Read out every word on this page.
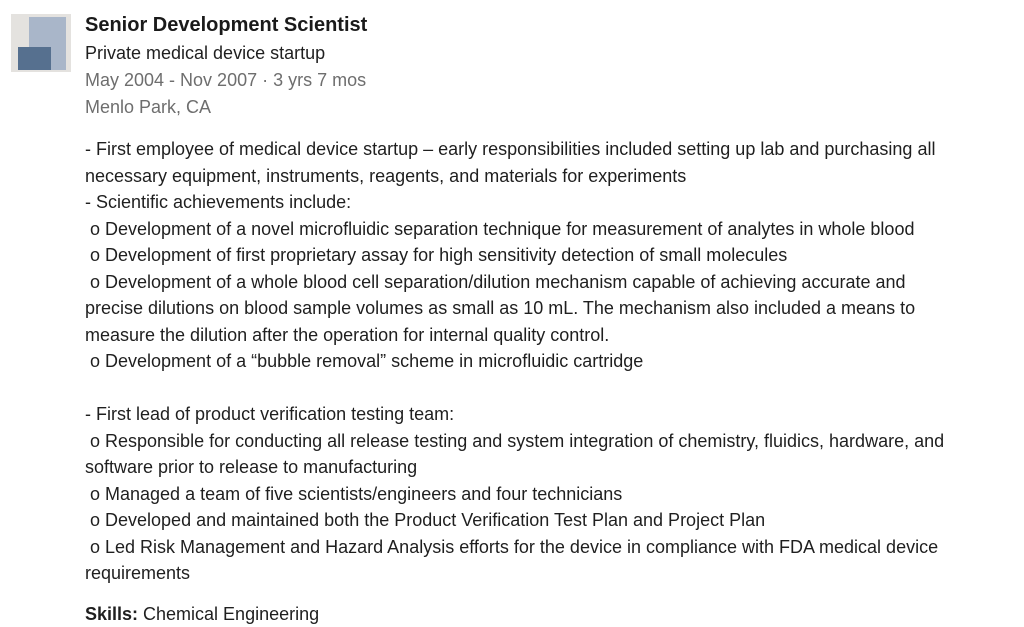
Senior Development Scientist
Private medical device startup
May 2004 - Nov 2007 · 3 yrs 7 mos
Menlo Park, CA
- First employee of medical device startup – early responsibilities included setting up lab and purchasing all
necessary equipment, instruments, reagents, and materials for experiments
- Scientific achievements include:
o Development of a novel microfluidic separation technique for measurement of analytes in whole blood
o Development of first proprietary assay for high sensitivity detection of small molecules
o Development of a whole blood cell separation/dilution mechanism capable of achieving accurate and
precise dilutions on blood sample volumes as small as 10 mL. The mechanism also included a means to
measure the dilution after the operation for internal quality control.
o Development of a “bubble removal” scheme in microfluidic cartridge
- First lead of product verification testing team:
o Responsible for conducting all release testing and system integration of chemistry, fluidics, hardware, and
software prior to release to manufacturing
o Managed a team of five scientists/engineers and four technicians
o Developed and maintained both the Product Verification Test Plan and Project Plan
o Led Risk Management and Hazard Analysis efforts for the device in compliance with FDA medical device
requirements
Skills: Chemical Engineering
